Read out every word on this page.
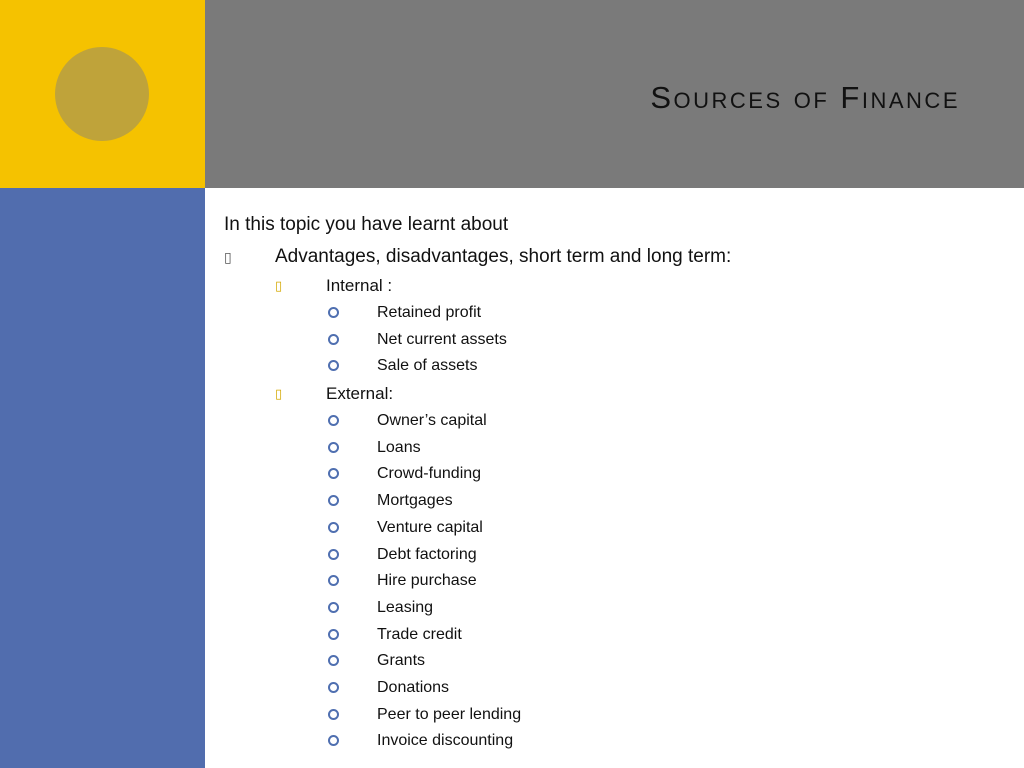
Sources of Finance
In this topic you have learnt about
▯ Advantages, disadvantages, short term and long term:
▯	Internal :
Retained profit
Net current assets
Sale of assets
▯	External:
Owner’s capital
Loans
Crowd-funding
Mortgages
Venture capital
Debt factoring
Hire purchase
Leasing
Trade credit
Grants
Donations
Peer to peer lending
Invoice discounting
